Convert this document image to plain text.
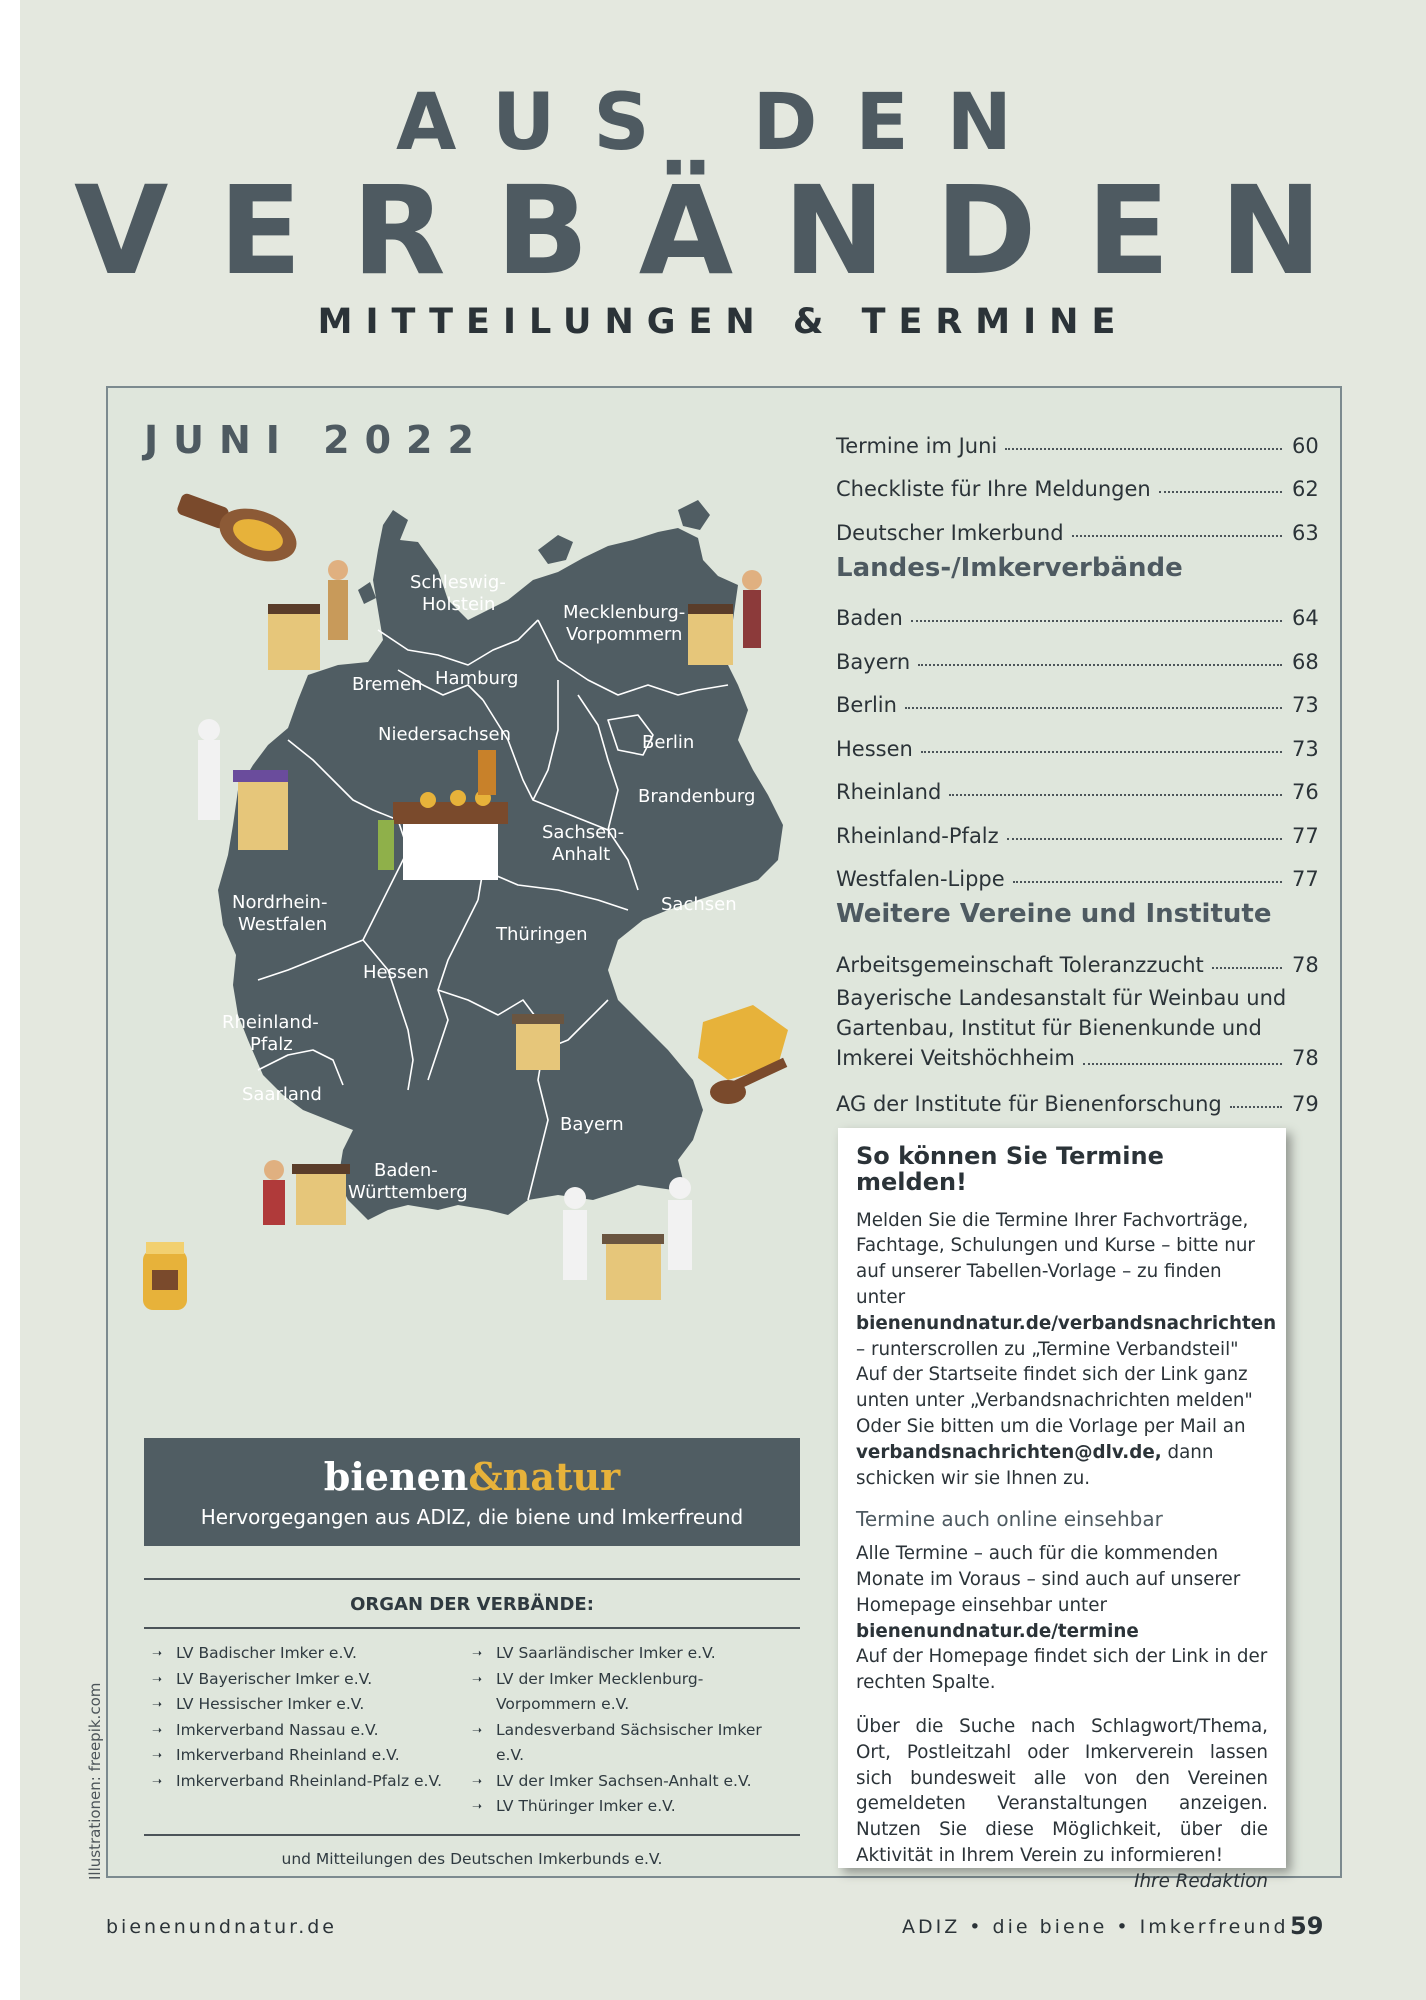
AUS DEN
VERBÄNDEN
MITTEILUNGEN & TERMINE
JUNI 2022
Schleswig-
Holstein	Mecklenburg-
Vorpommern
Bremen Hamburg
Niedersachsen	Berlin
Brandenburg
Sachsen-
Anhalt
Nordrhein-
Westfalen
Sachsen
Thüringen
Hessen
Rheinland-
Pfalz
Saarland
Bayern
Baden-
Württemberg
Termine im Juni	60
Checkliste für Ihre Meldungen	62
Deutscher Imkerbund	63
Landes-/Imkerverbände
Baden	64
Bayern	68
Berlin	73
Hessen	73
Rheinland	76
Rheinland-Pfalz	77
Westfalen-Lippe	77
Weitere Vereine und Institute
Arbeitsgemeinschaft Toleranzzucht	78
Bayerische Landesanstalt für Weinbau und
Gartenbau, Institut für Bienenkunde und
Imkerei Veitshöchheim	78
AG der Institute für Bienenforschung	79
So können Sie Termine melden!

Melden Sie die Termine Ihrer Fachvorträge, Fachtage, Schulungen und Kurse – bitte nur auf unserer Tabellen-Vorlage – zu finden unter
bienenundnatur.de/verbandsnachrichten
– runterscrollen zu „Termine Verbandsteil" Auf der Startseite findet sich der Link ganz unten unter „Verbandsnachrichten melden" Oder Sie bitten um die Vorlage per Mail an
verbandsnachrichten@dlv.de, dann schicken wir sie Ihnen zu.

Termine auch online einsehbar

Alle Termine – auch für die kommenden Monate im Voraus – sind auch auf unserer Homepage einsehbar unter
bienenundnatur.de/termine
Auf der Homepage findet sich der Link in der rechten Spalte.

Über die Suche nach Schlagwort/Thema, Ort, Postleitzahl oder Imkerverein lassen sich bundesweit alle von den Vereinen gemeldeten Veranstaltungen anzeigen. Nutzen Sie diese Möglichkeit, über die Aktivität in Ihrem Verein zu informieren!
Ihre Redaktion

bienen&natur
Hervorgegangen aus ADIZ, die biene und Imkerfreund
ORGAN DER VERBÄNDE:
➝ LV Badischer Imker e.V.
➝ LV Bayerischer Imker e.V.
➝ LV Hessischer Imker e.V.
➝ Imkerverband Nassau e.V.
➝ Imkerverband Rheinland e.V.
➝ Imkerverband Rheinland-Pfalz e.V.
➝ LV Saarländischer Imker e.V.
➝ LV der Imker Mecklenburg-
Vorpommern e.V.
➝ Landesverband Sächsischer Imker e.V.
➝ LV der Imker Sachsen-Anhalt e.V.
➝ LV Thüringer Imker e.V.
und Mitteilungen des Deutschen Imkerbunds e.V.
Illustrationen: freepik.com
bienenundnatur.de	ADIZ • die biene • Imkerfreund 59
